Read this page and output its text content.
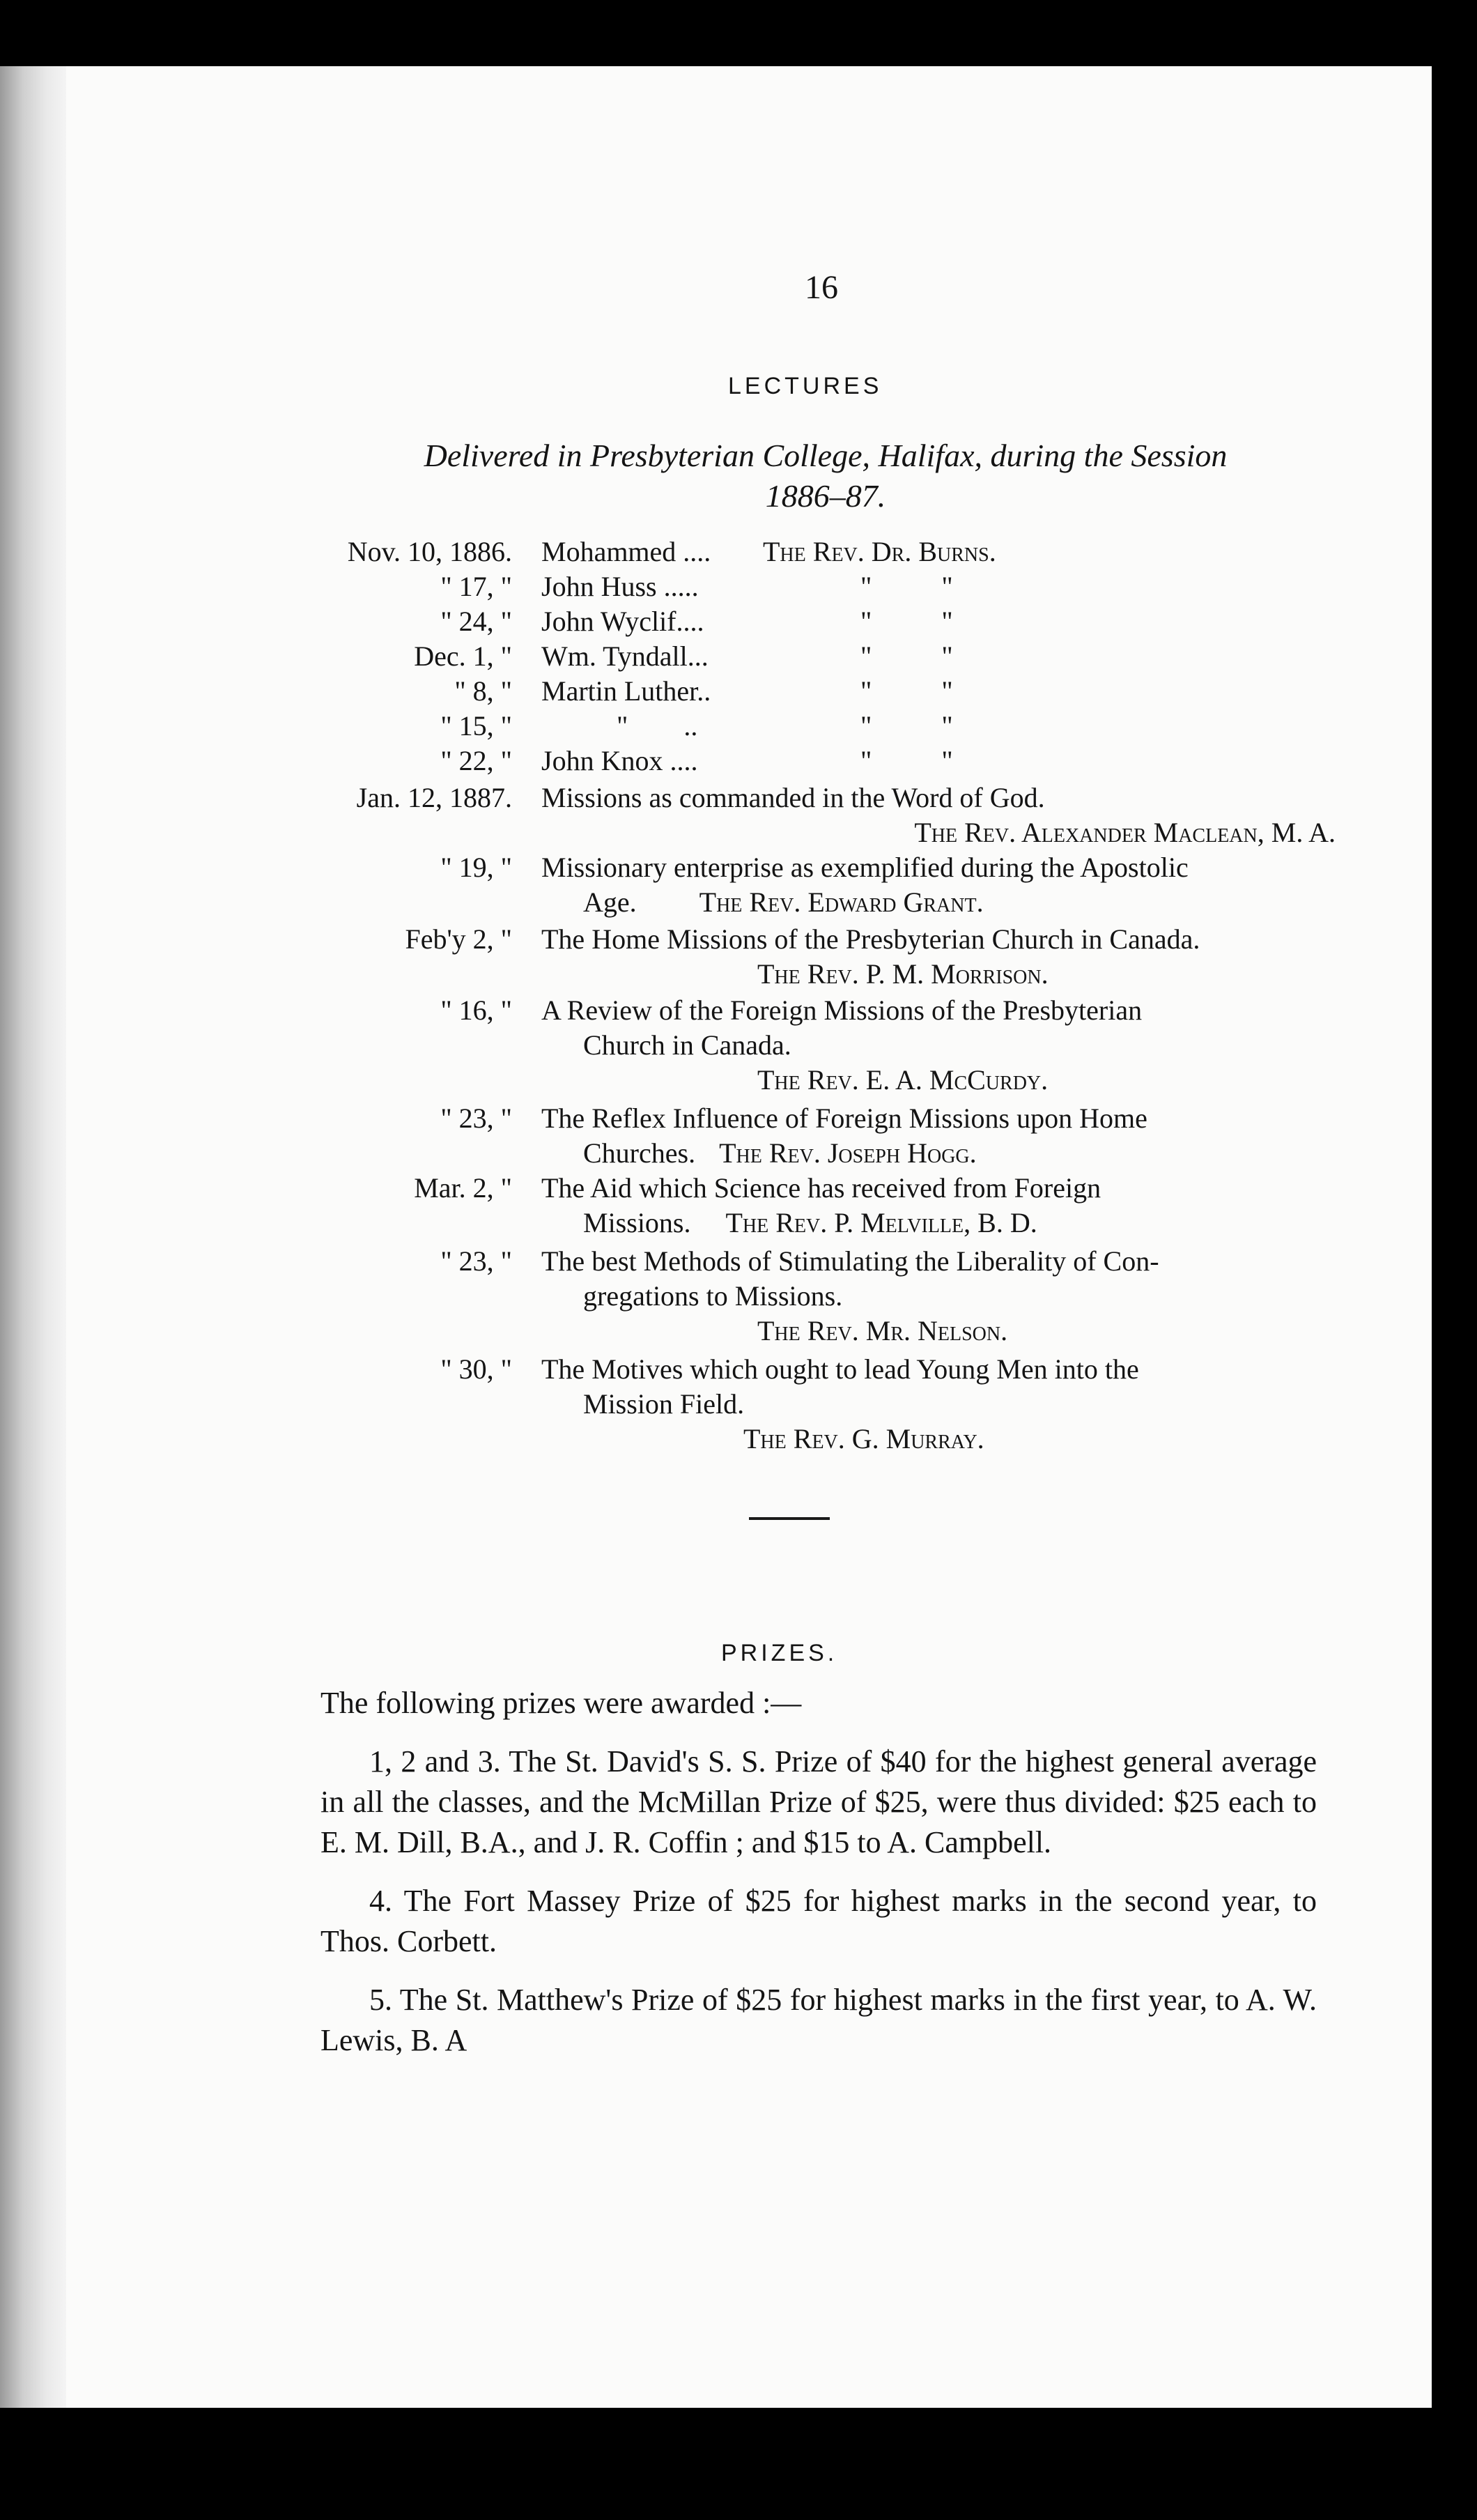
16
LECTURES
Delivered in Presbyterian College, Halifax, during the Session
1886–87.
Nov. 10, 1886. Mohammed .... The Rev. Dr. Burns.
" 17, " John Huss .....	"          "
" 24, " John Wyclif....	"          "
Dec. 1, " Wm. Tyndall...	"          "
" 8, " Martin Luther..	"          "
" 15, "	"        ..	"          "
" 22, " John Knox ....	"          "
Jan. 12, 1887. Missions as commanded in the Word of God.
The Rev. Alexander Maclean, M. A.
" 19, " Missionary enterprise as exemplified during the Apostolic
Age. The Rev. Edward Grant.
Feb'y 2, " The Home Missions of the Presbyterian Church in Canada.
The Rev. P. M. Morrison.
" 16, " A Review of the Foreign Missions of the Presbyterian
Church in Canada.
The Rev. E. A. McCurdy.
" 23, " The Reflex Influence of Foreign Missions upon Home
Churches. The Rev. Joseph Hogg.
Mar. 2, " The Aid which Science has received from Foreign
Missions. The Rev. P. Melville, B. D.
" 23, " The best Methods of Stimulating the Liberality of Con-
gregations to Missions.
The Rev. Mr. Nelson.
" 30, " The Motives which ought to lead Young Men into the
Mission Field.
The Rev. G. Murray.
PRIZES.

The following prizes were awarded :—

1, 2 and 3. The St. David's S. S. Prize of $40 for the highest general average in all the classes, and the McMillan Prize of $25, were thus divided: $25 each to E. M. Dill, B.A., and J. R. Coffin ; and $15 to A. Campbell.

4. The Fort Massey Prize of $25 for highest marks in the second year, to Thos. Corbett.

5. The St. Matthew's Prize of $25 for highest marks in the first year, to A. W. Lewis, B. A
